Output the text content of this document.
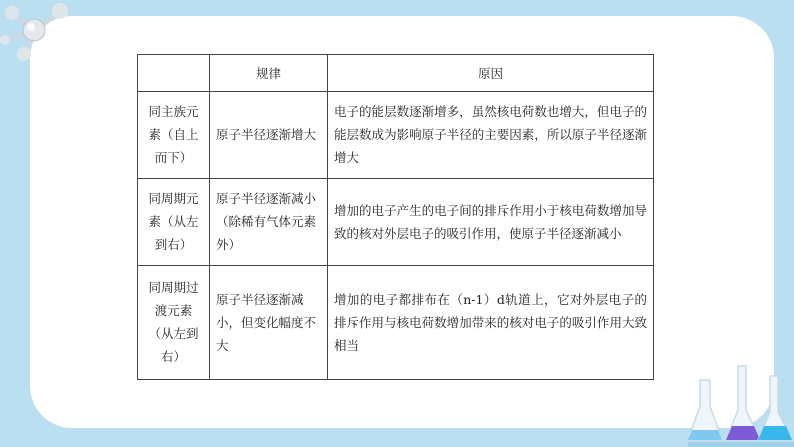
	规律	原因
同主族元素（自上而下）	原子半径逐渐增大	电子的能层数逐渐增多，虽然核电荷数也增大，但电子的能层数成为影响原子半径的主要因素，所以原子半径逐渐增大
同周期元素（从左到右）	原子半径逐渐减小（除稀有气体元素外）	增加的电子产生的电子间的排斥作用小于核电荷数增加导致的核对外层电子的吸引作用，使原子半径逐渐减小
同周期过渡元素（从左到右）	原子半径逐渐减小，但变化幅度不大	增加的电子都排布在（n-1）d轨道上，它对外层电子的排斥作用与核电荷数增加带来的核对电子的吸引作用大致相当
